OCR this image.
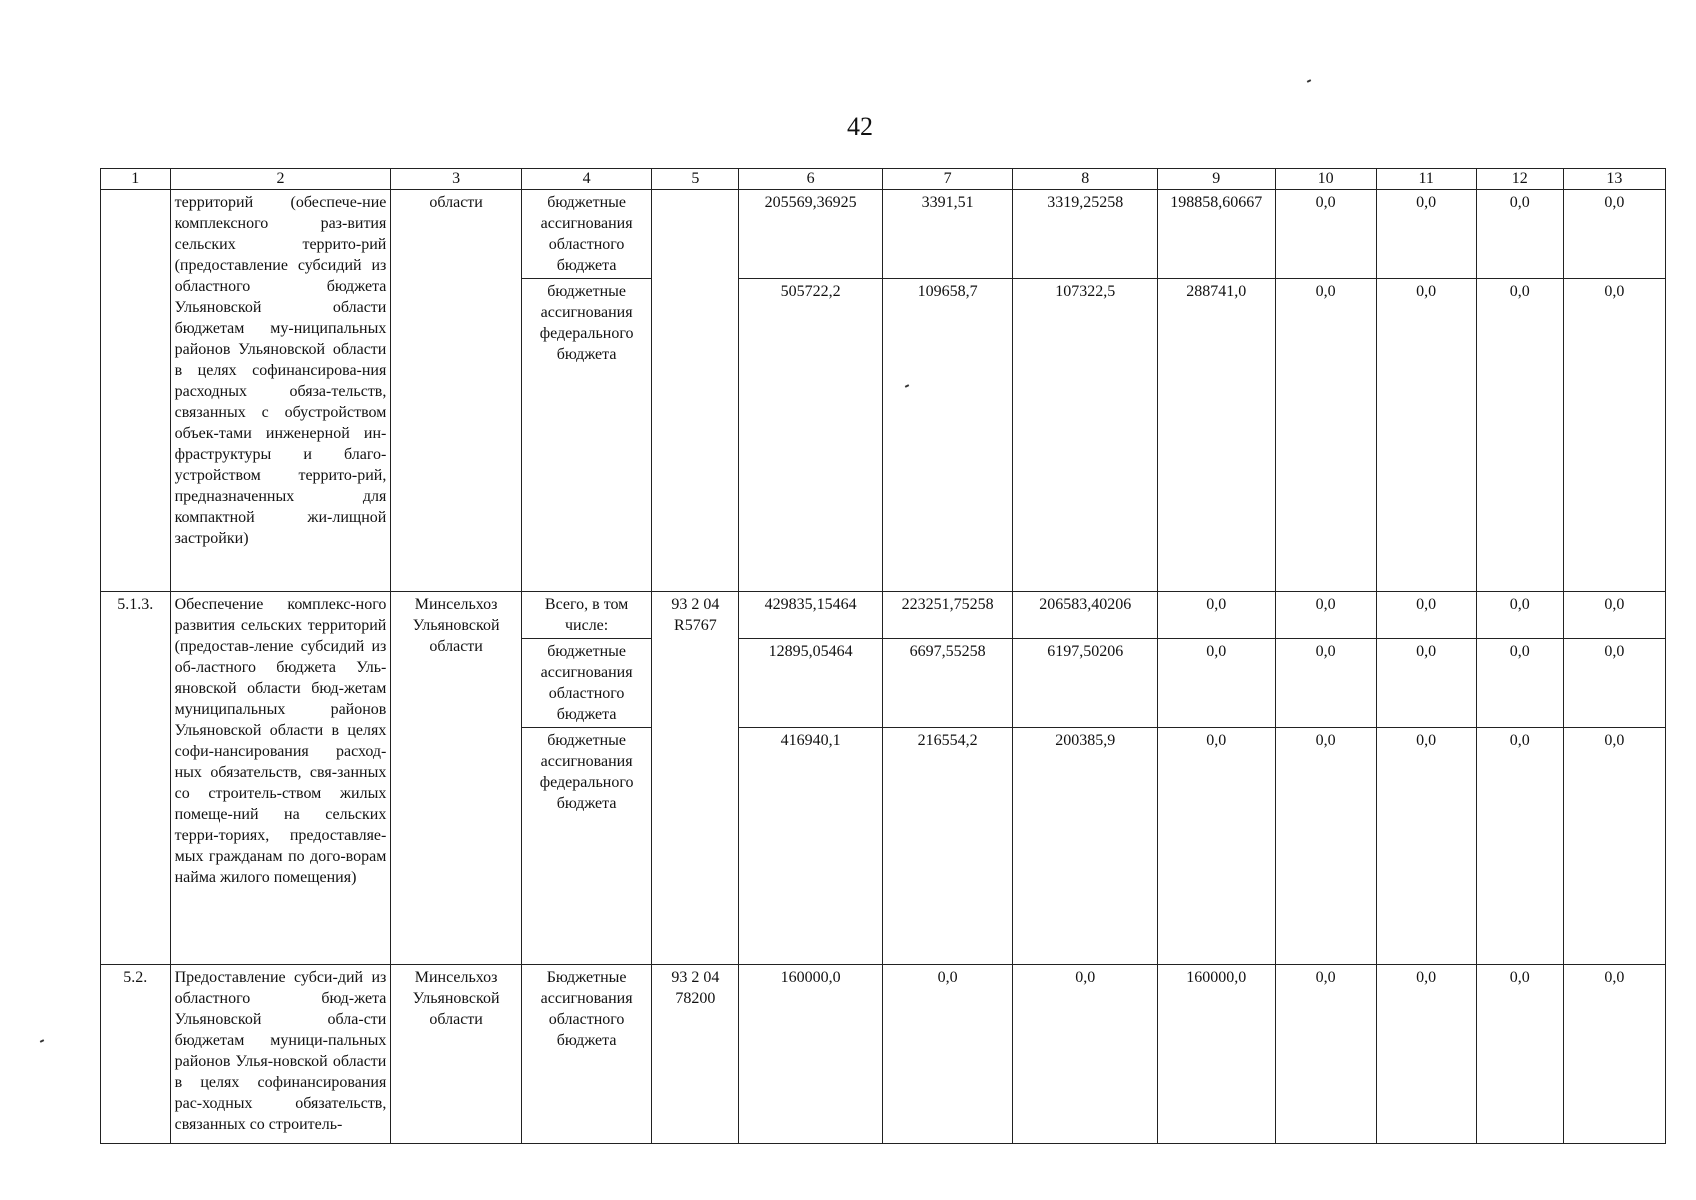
42
1	2	3	4	5	6	7	8	9	10	11	12	13
	территорий (обеспече-ние комплексного раз-вития сельских террито-рий (предоставление субсидий из областного бюджета Ульяновской области бюджетам му-ниципальных районов Ульяновской области в целях софинансирова-ния расходных обяза-тельств, связанных с обустройством объек-тами инженерной ин-фраструктуры и благо-устройством террито-рий, предназначенных для компактной жи-лищной застройки)	области	бюджетные ассигнования областного бюджета		205569,36925	3391,51	3319,25258	198858,60667	0,0	0,0	0,0	0,0
			бюджетные ассигнования федерального бюджета		505722,2	109658,7	107322,5	288741,0	0,0	0,0	0,0	0,0
5.1.3.	Обеспечение комплекс-ного развития сельских территорий (предостав-ление субсидий из об-ластного бюджета Уль-яновской области бюд-жетам муниципальных районов Ульяновской области в целях софи-нансирования расход-ных обязательств, свя-занных со строитель-ством жилых помеще-ний на сельских терри-ториях, предоставляе-мых гражданам по дого-ворам найма жилого помещения)	Минсельхоз Ульяновской области	Всего, в том числе:	93 2 04 R5767	429835,15464	223251,75258	206583,40206	0,0	0,0	0,0	0,0	0,0
			бюджетные ассигнования областного бюджета		12895,05464	6697,55258	6197,50206	0,0	0,0	0,0	0,0	0,0
			бюджетные ассигнования федерального бюджета		416940,1	216554,2	200385,9	0,0	0,0	0,0	0,0	0,0
5.2.	Предоставление субси-дий из областного бюд-жета Ульяновской обла-сти бюджетам муници-пальных районов Улья-новской области в целях софинансирования рас-ходных обязательств, связанных со строитель-	Минсельхоз Ульяновской области	Бюджетные ассигнования областного бюджета	93 2 04 78200	160000,0	0,0	0,0	160000,0	0,0	0,0	0,0	0,0
